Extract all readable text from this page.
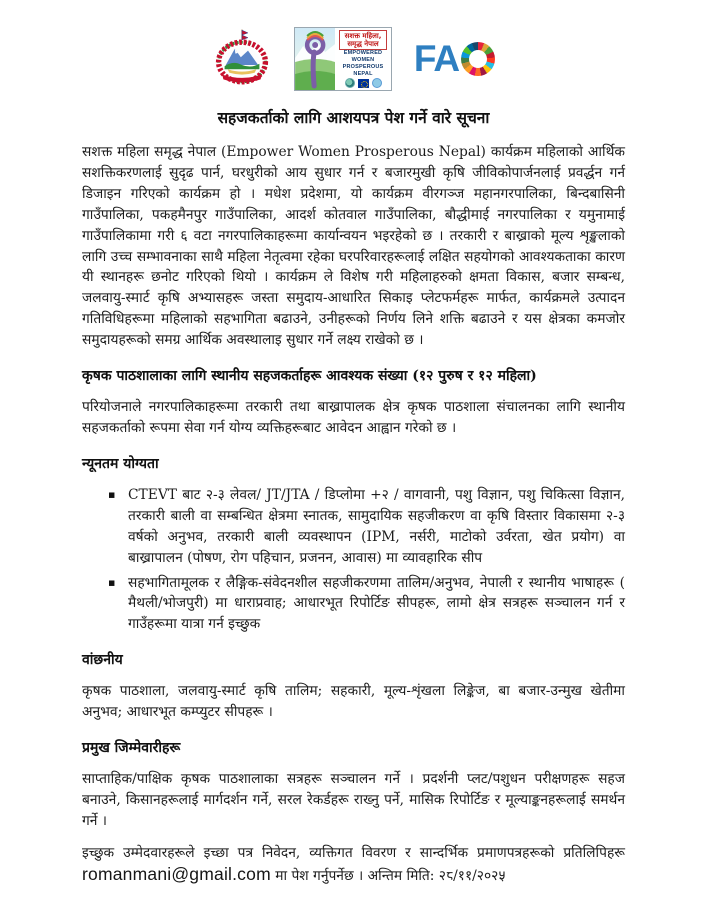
सशक्त महिला,
समृद्ध नेपाल
EMPOWERED WOMEN
PROSPEROUS NEPAL	FA
सहजकर्ताको लागि आशयपत्र पेश गर्ने वारे सूचना

सशक्त महिला समृद्ध नेपाल (Empower Women Prosperous Nepal) कार्यक्रम महिलाको आर्थिक सशक्तिकरणलाई सुदृढ पार्न, घरधुरीको आय सुधार गर्न र बजारमुखी कृषि जीविकोपार्जनलाई प्रवर्द्धन गर्न डिजाइन गरिएको कार्यक्रम हो । मधेश प्रदेशमा, यो कार्यक्रम वीरगञ्ज महानगरपालिका, बिन्दबासिनी गाउँपालिका, पकहमैनपुर गाउँपालिका, आदर्श कोतवाल गाउँपालिका, बौद्धीमाई नगरपालिका र यमुनामाई गाउँपालिकामा गरी ६ वटा नगरपालिकाहरूमा कार्यान्वयन भइरहेको छ । तरकारी र बाख्राको मूल्य शृङ्खलाको लागि उच्च सम्भावनाका साथै महिला नेतृत्वमा रहेका घरपरिवारहरूलाई लक्षित सहयोगको आवश्यकताका कारण यी स्थानहरू छनोट गरिएको थियो । कार्यक्रम ले विशेष गरी महिलाहरुको क्षमता विकास, बजार सम्बन्ध, जलवायु-स्मार्ट कृषि अभ्यासहरू जस्ता समुदाय-आधारित सिकाइ प्लेटफर्महरू मार्फत, कार्यक्रमले उत्पादन गतिविधिहरूमा महिलाको सहभागिता बढाउने, उनीहरूको निर्णय लिने शक्ति बढाउने र यस क्षेत्रका कमजोर समुदायहरूको समग्र आर्थिक अवस्थालाइ सुधार गर्ने लक्ष्य राखेको छ ।

कृषक पाठशालाका लागि स्थानीय सहजकर्ताहरू आवश्यक संख्या (१२ पुरुष र १२ महिला)

परियोजनाले नगरपालिकाहरूमा तरकारी तथा बाख्रापालक क्षेत्र कृषक पाठशाला संचालनका लागि स्थानीय सहजकर्ताको रूपमा सेवा गर्न योग्य व्यक्तिहरूबाट आवेदन आह्वान गरेको छ ।

न्यूनतम योग्यता
▪ CTEVT बाट २-३ लेवल/ JT/JTA / डिप्लोमा +२ / वागवानी, पशु विज्ञान, पशु चिकित्सा विज्ञान, तरकारी बाली वा सम्बन्धित क्षेत्रमा स्नातक, सामुदायिक सहजीकरण वा कृषि विस्तार विकासमा २-३ वर्षको अनुभव, तरकारी बाली व्यवस्थापन (IPM, नर्सरी, माटोको उर्वरता, खेत प्रयोग) वा बाख्रापालन (पोषण, रोग पहिचान, प्रजनन, आवास) मा व्यावहारिक सीप
▪ सहभागितामूलक र लैङ्गिक-संवेदनशील सहजीकरणमा तालिम/अनुभव, नेपाली र स्थानीय भाषाहरू ( मैथली/भोजपुरी) मा धाराप्रवाह; आधारभूत रिपोर्टिङ सीपहरू, लामो क्षेत्र सत्रहरू सञ्चालन गर्न र गाउँहरूमा यात्रा गर्न इच्छुक
वांछनीय

कृषक पाठशाला, जलवायु-स्मार्ट कृषि तालिम; सहकारी, मूल्य-शृंखला लिङ्केज, बा बजार-उन्मुख खेतीमा अनुभव; आधारभूत कम्प्युटर सीपहरू ।

प्रमुख जिम्मेवारीहरू

साप्ताहिक/पाक्षिक कृषक पाठशालाका सत्रहरू सञ्चालन गर्ने । प्रदर्शनी प्लट/पशुधन परीक्षणहरू सहज बनाउने, किसानहरूलाई मार्गदर्शन गर्ने, सरल रेकर्डहरू राख्नु पर्ने, मासिक रिपोर्टिङ र मूल्याङ्कनहरूलाई समर्थन गर्ने ।

इच्छुक उम्मेदवारहरूले इच्छा पत्र निवेदन, व्यक्तिगत विवरण र सान्दर्भिक प्रमाणपत्रहरूको प्रतिलिपिहरू romanmani@gmail.com मा पेश गर्नुपर्नेछ । अन्तिम मिति: २८/११/२०२५
